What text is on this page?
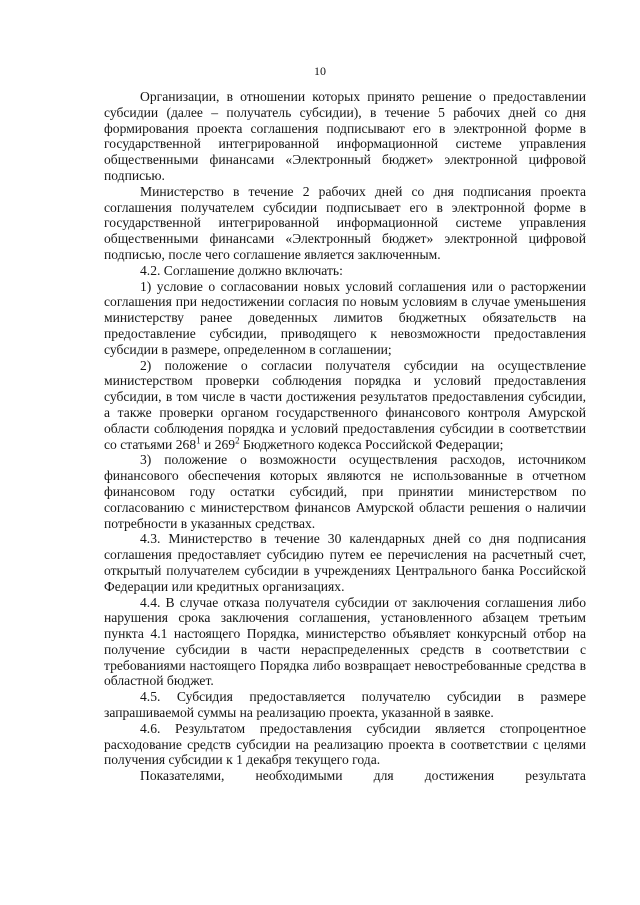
10

Организации, в отношении которых принято решение о предоставлении субсидии (далее – получатель субсидии), в течение 5 рабочих дней со дня формирования проекта соглашения подписывают его в электронной форме в государственной интегрированной информационной системе управления общественными финансами «Электронный бюджет» электронной цифровой подписью.

Министерство в течение 2 рабочих дней со дня подписания проекта соглашения получателем субсидии подписывает его в электронной форме в государственной интегрированной информационной системе управления общественными финансами «Электронный бюджет» электронной цифровой подписью, после чего соглашение является заключенным.

4.2. Соглашение должно включать:

1) условие о согласовании новых условий соглашения или о расторжении соглашения при недостижении согласия по новым условиям в случае уменьшения министерству ранее доведенных лимитов бюджетных обязательств на предоставление субсидии, приводящего к невозможности предоставления субсидии в размере, определенном в соглашении;

2) положение о согласии получателя субсидии на осуществление министерством проверки соблюдения порядка и условий предоставления субсидии, в том числе в части достижения результатов предоставления субсидии, а также проверки органом государственного финансового контроля Амурской области соблюдения порядка и условий предоставления субсидии в соответствии со статьями $268^1$ и $269^2$ Бюджетного кодекса Российской Федерации;

3) положение о возможности осуществления расходов, источником финансового обеспечения которых являются не использованные в отчетном финансовом году остатки субсидий, при принятии министерством по согласованию с министерством финансов Амурской области решения о наличии потребности в указанных средствах.

4.3. Министерство в течение 30 календарных дней со дня подписания соглашения предоставляет субсидию путем ее перечисления на расчетный счет, открытый получателем субсидии в учреждениях Центрального банка Российской Федерации или кредитных организациях.

4.4. В случае отказа получателя субсидии от заключения соглашения либо нарушения срока заключения соглашения, установленного абзацем третьим пункта 4.1 настоящего Порядка, министерство объявляет конкурсный отбор на получение субсидии в части нераспределенных средств в соответствии с требованиями настоящего Порядка либо возвращает невостребованные средства в областной бюджет.

4.5. Субсидия предоставляется получателю субсидии в размере запрашиваемой суммы на реализацию проекта, указанной в заявке.

4.6. Результатом предоставления субсидии является стопроцентное расходование средств субсидии на реализацию проекта в соответствии с целями получения субсидии к 1 декабря текущего года.

Показателями, необходимыми для достижения результата
